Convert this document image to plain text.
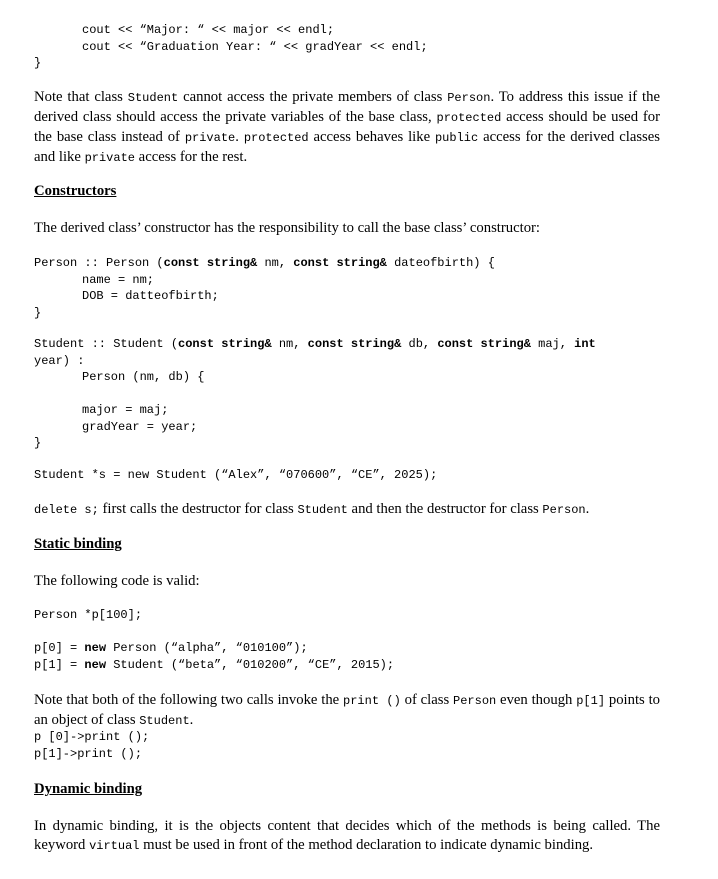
cout << “Major: “ << major << endl;
cout << “Graduation Year: “ << gradYear << endl;
}

Note that class Student cannot access the private members of class Person. To address this issue if the derived class should access the private variables of the base class, protected access should be used for the base class instead of private. protected access behaves like public access for the derived classes and like private access for the rest.

Constructors

The derived class’ constructor has the responsibility to call the base class’ constructor:

Person :: Person (const string& nm, const string& dateofbirth) {
name = nm;
DOB = datteofbirth;
}
Student :: Student (const string& nm, const string& db, const string& maj, int
year) :
Person (nm, db) {

major = maj;
gradYear = year;
}
Student *s = new Student (“Alex”, “070600”, “CE”, 2025);

delete s; first calls the destructor for class Student and then the destructor for class Person.

Static binding

The following code is valid:

Person *p[100];
p[0] = new Person (“alpha”, “010100”);
p[1] = new Student (“beta”, “010200”, “CE”, 2015);

Note that both of the following two calls invoke the print () of class Person even though p[1] points to an object of class Student.

p [0]->print ();
p[1]->print ();
Dynamic binding

In dynamic binding, it is the objects content that decides which of the methods is being called. The keyword virtual must be used in front of the method declaration to indicate dynamic binding.
